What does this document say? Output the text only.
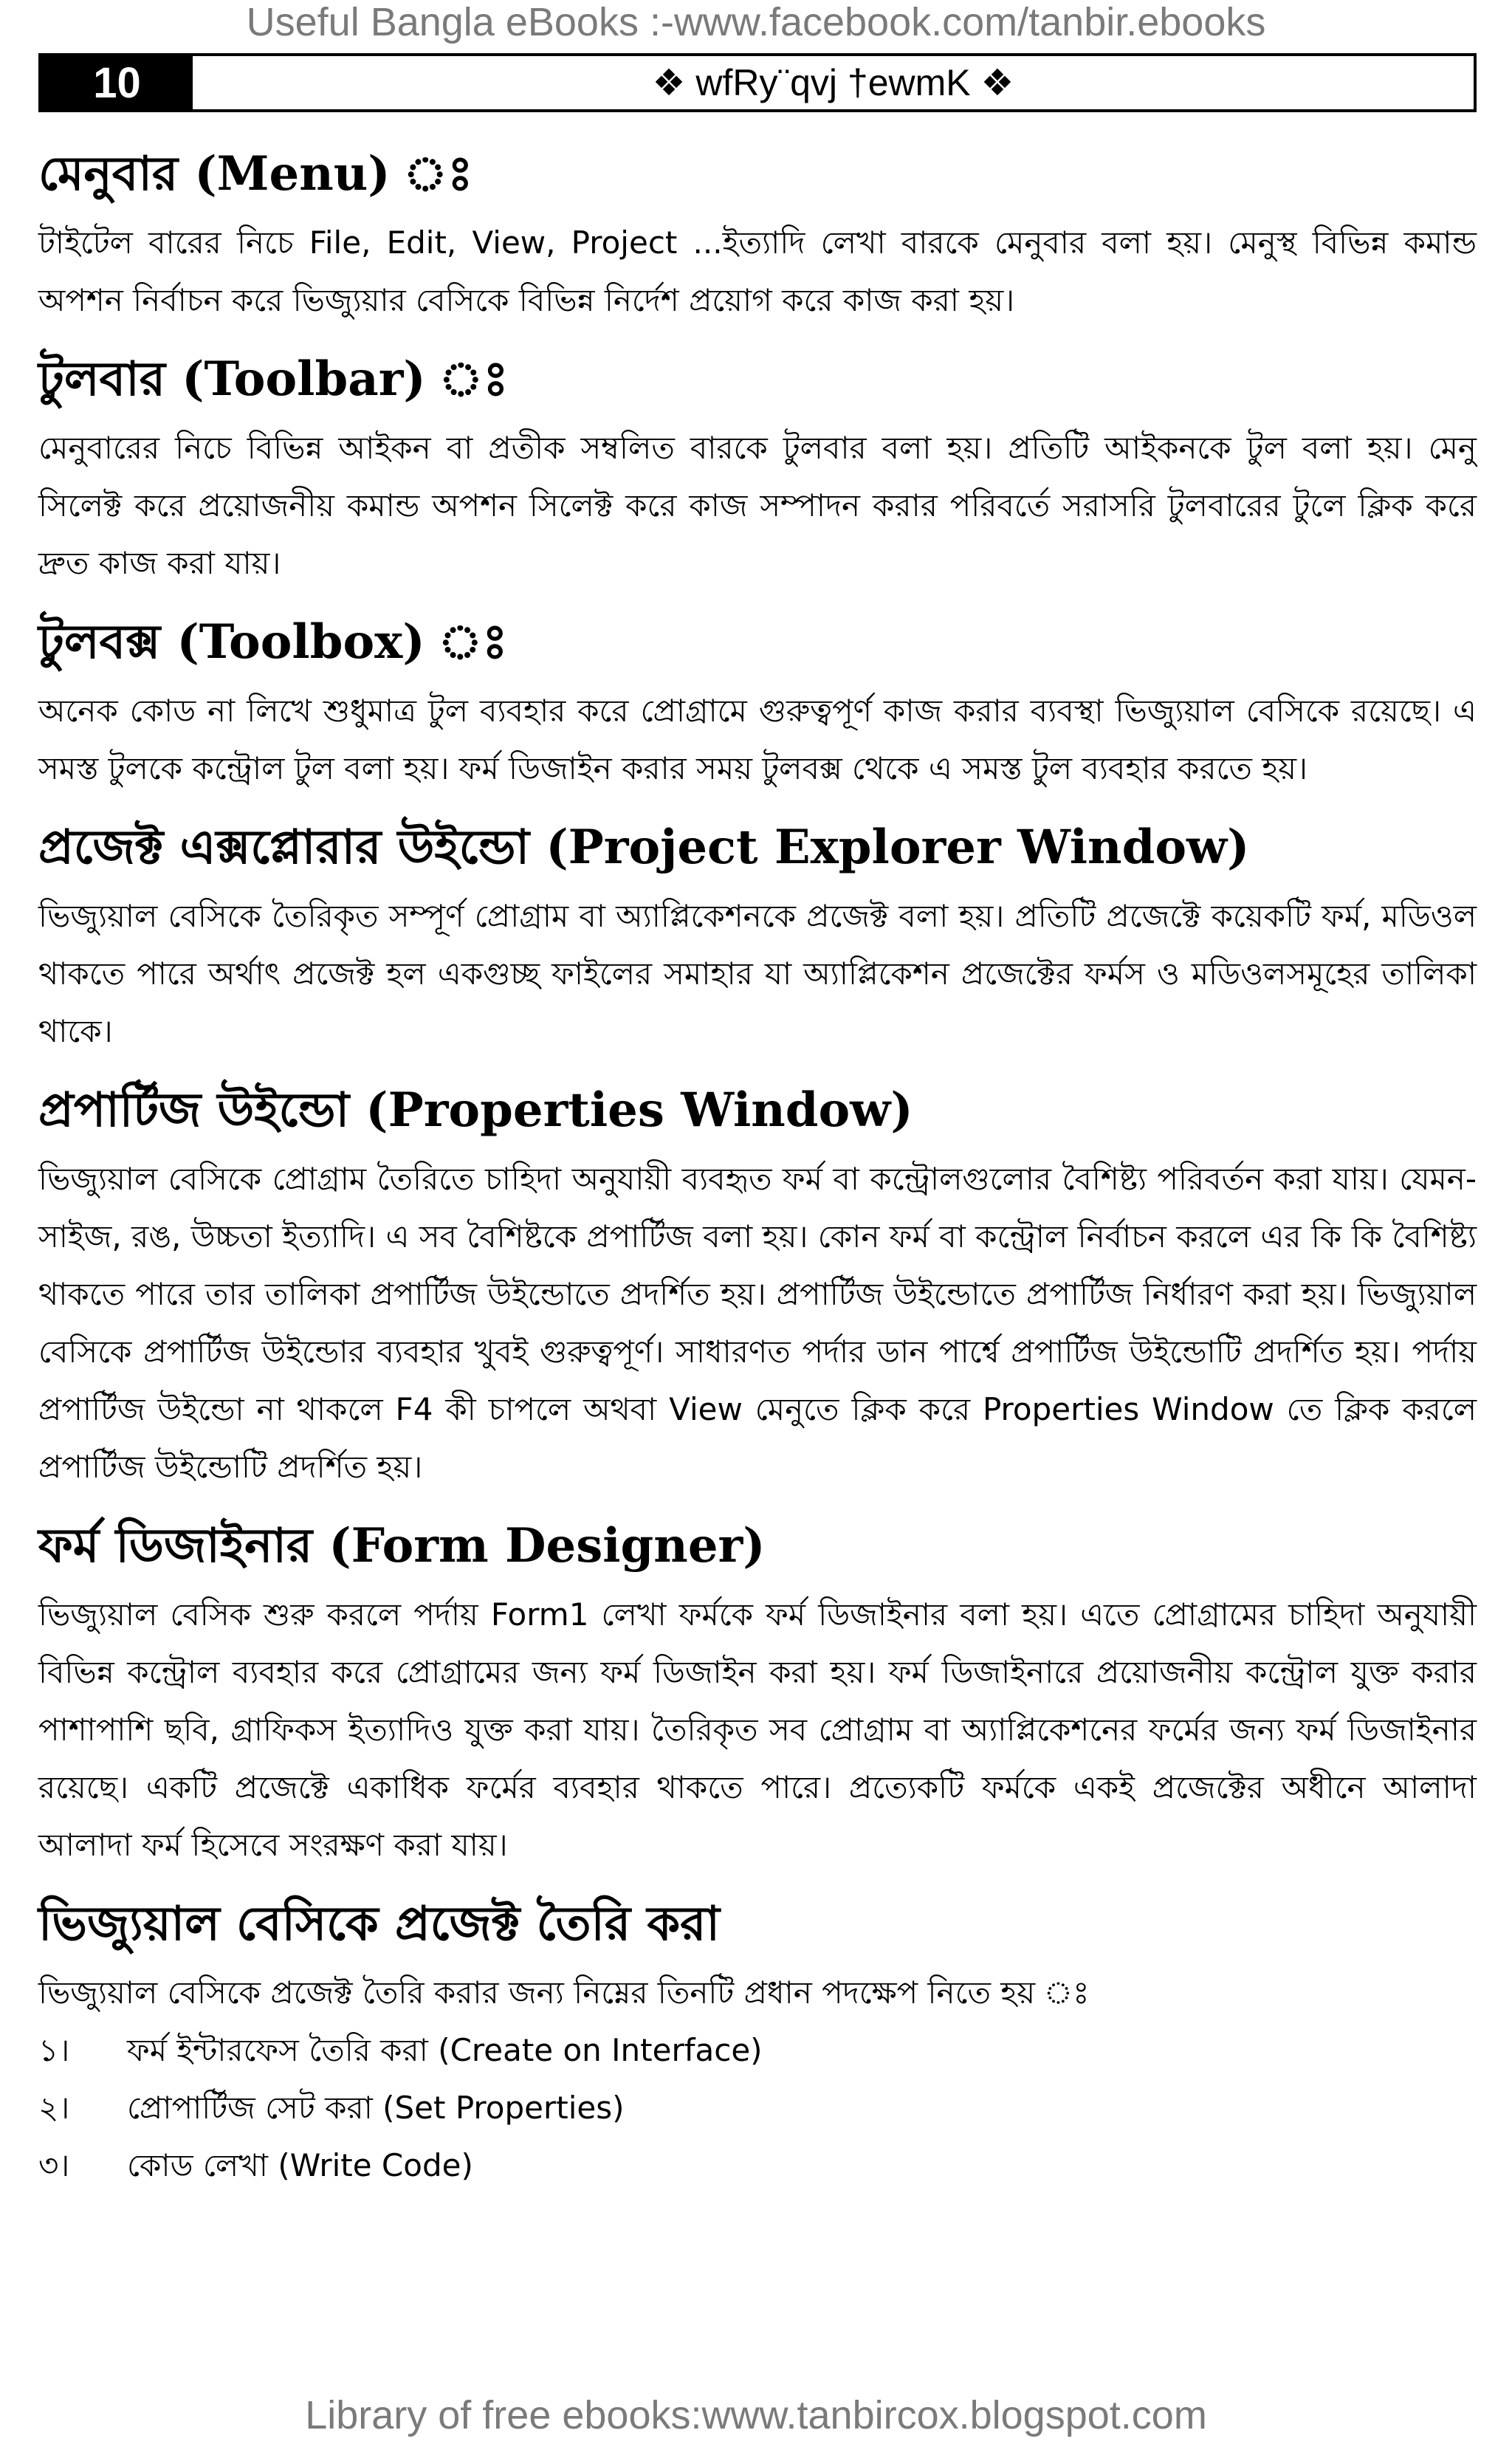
Useful Bangla eBooks :-www.facebook.com/tanbir.ebooks
10	❖ wfRy¨qvj †ewmK ❖
মেনুবার (Menu) ঃ

টাইটেল বারের নিচে File, Edit, View, Project ...ইত্যাদি লেখা বারকে মেনুবার বলা হয়। মেনুস্থ বিভিন্ন কমান্ড অপশন নির্বাচন করে ভিজ্যুয়ার বেসিকে বিভিন্ন নির্দেশ প্রয়োগ করে কাজ করা হয়।

টুলবার (Toolbar) ঃ

মেনুবারের নিচে বিভিন্ন আইকন বা প্রতীক সম্বলিত বারকে টুলবার বলা হয়। প্রতিটি আইকনকে টুল বলা হয়। মেনু সিলেক্ট করে প্রয়োজনীয় কমান্ড অপশন সিলেক্ট করে কাজ সম্পাদন করার পরিবর্তে সরাসরি টুলবারের টুলে ক্লিক করে দ্রুত কাজ করা যায়।

টুলবক্স (Toolbox) ঃ

অনেক কোড না লিখে শুধুমাত্র টুল ব্যবহার করে প্রোগ্রামে গুরুত্বপূর্ণ কাজ করার ব্যবস্থা ভিজ্যুয়াল বেসিকে রয়েছে। এ সমস্ত টুলকে কন্ট্রোল টুল বলা হয়। ফর্ম ডিজাইন করার সময় টুলবক্স থেকে এ সমস্ত টুল ব্যবহার করতে হয়।

প্রজেক্ট এক্সপ্লোরার উইন্ডো (Project Explorer Window)

ভিজ্যুয়াল বেসিকে তৈরিকৃত সম্পূর্ণ প্রোগ্রাম বা অ্যাপ্লিকেশনকে প্রজেক্ট বলা হয়। প্রতিটি প্রজেক্টে কয়েকটি ফর্ম, মডিওল থাকতে পারে অর্থাৎ প্রজেক্ট হল একগুচ্ছ ফাইলের সমাহার যা অ্যাপ্লিকেশন প্রজেক্টের ফর্মস ও মডিওলসমূহের তালিকা থাকে।

প্রপার্টিজ উইন্ডো (Properties Window)

ভিজ্যুয়াল বেসিকে প্রোগ্রাম তৈরিতে চাহিদা অনুযায়ী ব্যবহৃত ফর্ম বা কন্ট্রোলগুলোর বৈশিষ্ট্য পরিবর্তন করা যায়। যেমন- সাইজ, রঙ, উচ্চতা ইত্যাদি। এ সব বৈশিষ্টকে প্রপার্টিজ বলা হয়। কোন ফর্ম বা কন্ট্রোল নির্বাচন করলে এর কি কি বৈশিষ্ট্য থাকতে পারে তার তালিকা প্রপার্টিজ উইন্ডোতে প্রদর্শিত হয়। প্রপার্টিজ উইন্ডোতে প্রপার্টিজ নির্ধারণ করা হয়। ভিজ্যুয়াল বেসিকে প্রপার্টিজ উইন্ডোর ব্যবহার খুবই গুরুত্বপূর্ণ। সাধারণত পর্দার ডান পার্শ্বে প্রপার্টিজ উইন্ডোটি প্রদর্শিত হয়। পর্দায় প্রপার্টিজ উইন্ডো না থাকলে F4 কী চাপলে অথবা View মেনুতে ক্লিক করে Properties Window তে ক্লিক করলে প্রপার্টিজ উইন্ডোটি প্রদর্শিত হয়।

ফর্ম ডিজাইনার (Form Designer)

ভিজ্যুয়াল বেসিক শুরু করলে পর্দায় Form1 লেখা ফর্মকে ফর্ম ডিজাইনার বলা হয়। এতে প্রোগ্রামের চাহিদা অনুযায়ী বিভিন্ন কন্ট্রোল ব্যবহার করে প্রোগ্রামের জন্য ফর্ম ডিজাইন করা হয়। ফর্ম ডিজাইনারে প্রয়োজনীয় কন্ট্রোল যুক্ত করার পাশাপাশি ছবি, গ্রাফিকস ইত্যাদিও যুক্ত করা যায়। তৈরিকৃত সব প্রোগ্রাম বা অ্যাপ্লিকেশনের ফর্মের জন্য ফর্ম ডিজাইনার রয়েছে। একটি প্রজেক্টে একাধিক ফর্মের ব্যবহার থাকতে পারে। প্রত্যেকটি ফর্মকে একই প্রজেক্টের অধীনে আলাদা আলাদা ফর্ম হিসেবে সংরক্ষণ করা যায়।

ভিজ্যুয়াল বেসিকে প্রজেক্ট তৈরি করা

ভিজ্যুয়াল বেসিকে প্রজেক্ট তৈরি করার জন্য নিম্নের তিনটি প্রধান পদক্ষেপ নিতে হয় ঃ

১।	ফর্ম ইন্টারফেস তৈরি করা (Create on Interface)
২।	প্রোপার্টিজ সেট করা (Set Properties)
৩।	কোড লেখা (Write Code)
Library of free ebooks:www.tanbircox.blogspot.com
